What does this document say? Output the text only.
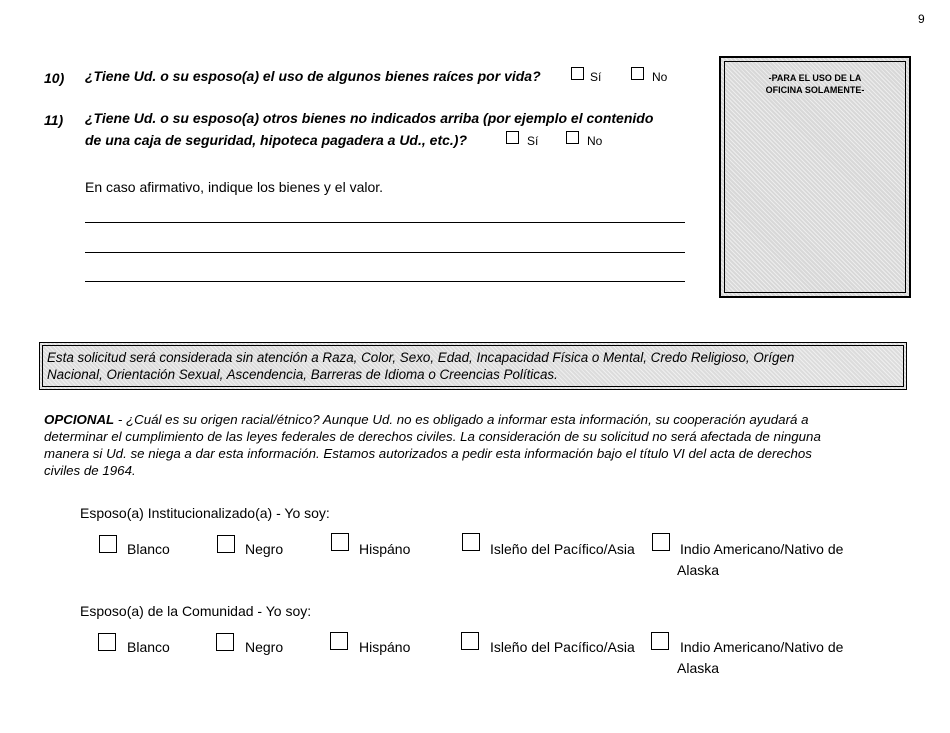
9
10) ¿Tiene Ud. o su esposo(a) el uso de algunos bienes raíces por vida?	Sí	No
11) ¿Tiene Ud. o su esposo(a) otros bienes no indicados arriba (por ejemplo el contenido
de una caja de seguridad, hipoteca pagadera a Ud., etc.)?	Sí	No
En caso afirmativo, indique los bienes y el valor.
-PARA EL USO DE LA
OFICINA SOLAMENTE-
Esta solicitud será considerada sin atención a Raza, Color, Sexo, Edad, Incapacidad Física o Mental, Credo Religioso, Orígen
Nacional, Orientación Sexual, Ascendencia, Barreras de Idioma o Creencias Políticas.
OPCIONAL - ¿Cuál es su origen racial/étnico? Aunque Ud. no es obligado a informar esta información, su cooperación ayudará a
determinar el cumplimiento de las leyes federales de derechos civiles. La consideración de su solicitud no será afectada de ninguna
manera si Ud. se niega a dar esta información. Estamos autorizados a pedir esta información bajo el título VI del acta de derechos
civiles de 1964.
Esposo(a) Institucionalizado(a) - Yo soy:
Blanco	Negro	Hispáno	Isleño del Pacífico/Asia	Indio Americano/Nativo de
Alaska
Esposo(a) de la Comunidad - Yo soy:
Blanco	Negro	Hispáno	Isleño del Pacífico/Asia	Indio Americano/Nativo de
Alaska
